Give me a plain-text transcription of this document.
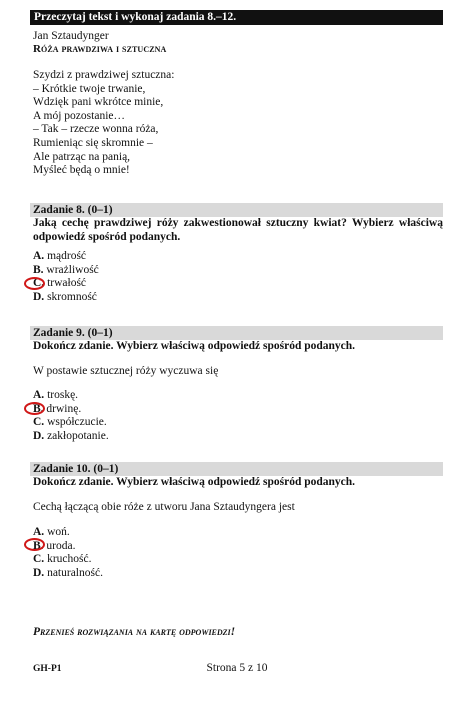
Przeczytaj tekst i wykonaj zadania 8.–12.
Jan Sztaudynger
Róża prawdziwa i sztuczna
Szydzi z prawdziwej sztuczna:
– Krótkie twoje trwanie,
Wdzięk pani wkrótce minie,
A mój pozostanie…
– Tak – rzecze wonna róża,
Rumieniąc się skromnie –
Ale patrząc na panią,
Myśleć będą o mnie!
Zadanie 8. (0–1)
Jaką cechę prawdziwej róży zakwestionował sztuczny kwiat? Wybierz właściwą odpowiedź spośród podanych.
A. mądrość
B. wrażliwość
C. trwałość
D. skromność
Zadanie 9. (0–1)
Dokończ zdanie. Wybierz właściwą odpowiedź spośród podanych.
W postawie sztucznej róży wyczuwa się
A. troskę.
B. drwinę.
C. współczucie.
D. zakłopotanie.
Zadanie 10. (0–1)
Dokończ zdanie. Wybierz właściwą odpowiedź spośród podanych.
Cechą łączącą obie róże z utworu Jana Sztaudyngera jest
A. woń.
B. uroda.
C. kruchość.
D. naturalność.
Przenieś rozwiązania na kartę odpowiedzi!
GH-P1	Strona 5 z 10
